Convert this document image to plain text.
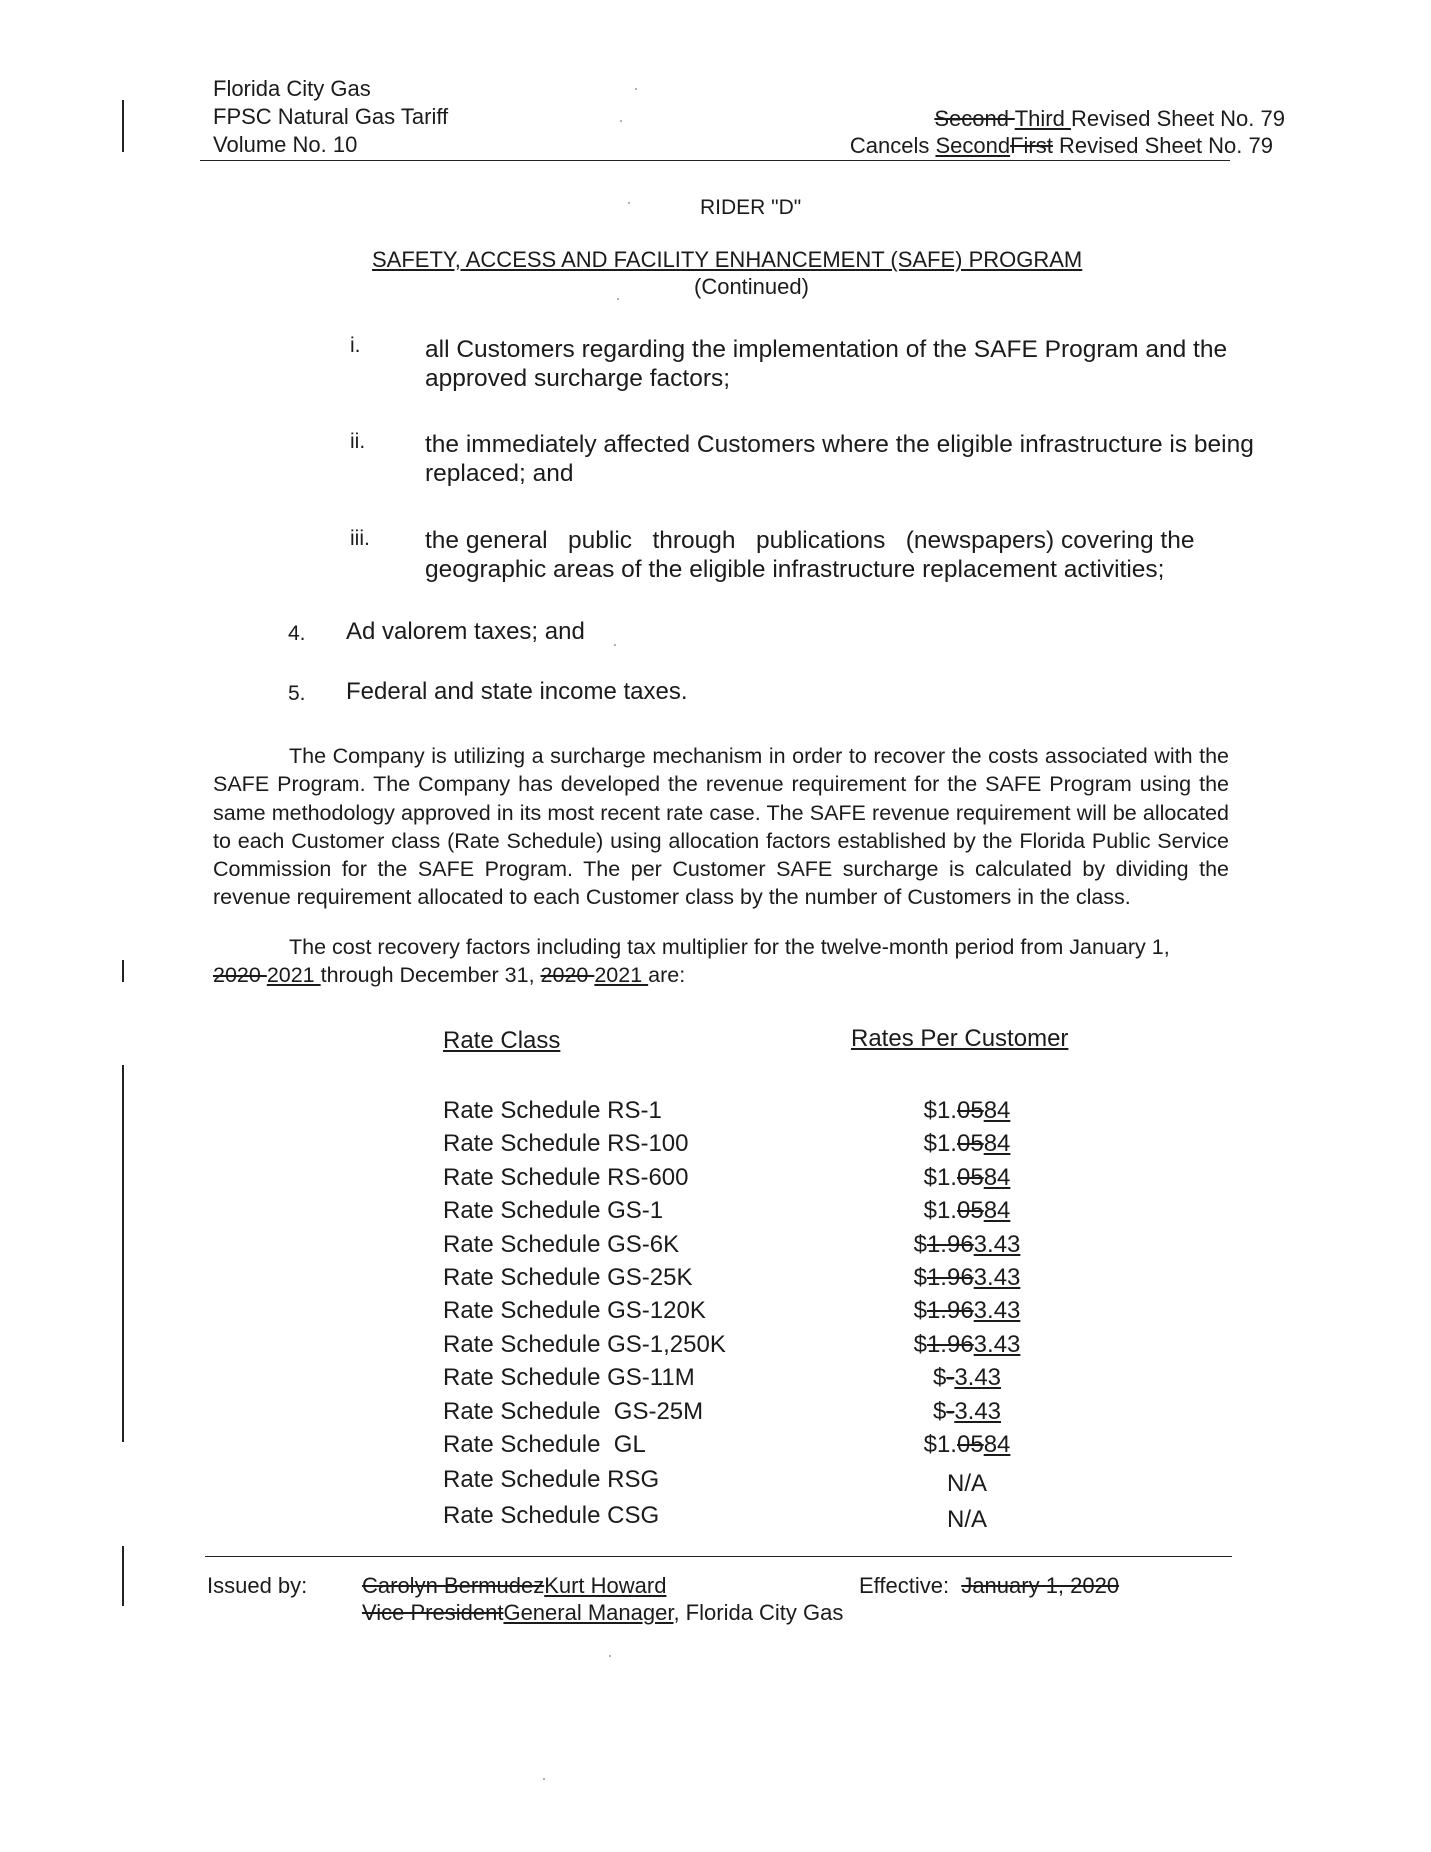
Florida City Gas
FPSC Natural Gas Tariff
Volume No. 10
Second Third Revised Sheet No. 79
Cancels SecondFirst Revised Sheet No. 79
RIDER "D"
SAFETY, ACCESS AND FACILITY ENHANCEMENT (SAFE) PROGRAM
(Continued)
i.	all Customers regarding the implementation of the SAFE Program and the
approved surcharge factors;
ii. the immediately affected Customers where the eligible infrastructure is being
replaced; and
iii. the general   public   through   publications   (newspapers) covering the
geographic areas of the eligible infrastructure replacement activities;
4. Ad valorem taxes; and
5. Federal and state income taxes.
The Company is utilizing a surcharge mechanism in order to recover the costs associated with the
SAFE Program. The Company has developed the revenue requirement for the SAFE Program using the
same methodology approved in its most recent rate case. The SAFE revenue requirement will be allocated
to each Customer class (Rate Schedule) using allocation factors established by the Florida Public Service
Commission for the SAFE Program. The per Customer SAFE surcharge is calculated by dividing the
revenue requirement allocated to each Customer class by the number of Customers in the class.
The cost recovery factors including tax multiplier for the twelve-month period from January 1,
2020 2021 through December 31, 2020 2021 are:
Rate Class	Rates Per Customer
Rate Schedule RS-1	$1.0584
Rate Schedule RS-100	$1.0584
Rate Schedule RS-600	$1.0584
Rate Schedule GS-1	$1.0584
Rate Schedule GS-6K	$1.963.43
Rate Schedule GS-25K	$1.963.43
Rate Schedule GS-120K	$1.963.43
Rate Schedule GS-1,250K	$1.963.43
Rate Schedule GS-11M	$-3.43
Rate Schedule  GS-25M	$-3.43
Rate Schedule  GL	$1.0584
Rate Schedule RSG	N/A
Rate Schedule CSG	N/A
Issued by: Carolyn BermudezKurt Howard	Effective:  January 1, 2020
Vice PresidentGeneral Manager, Florida City Gas
